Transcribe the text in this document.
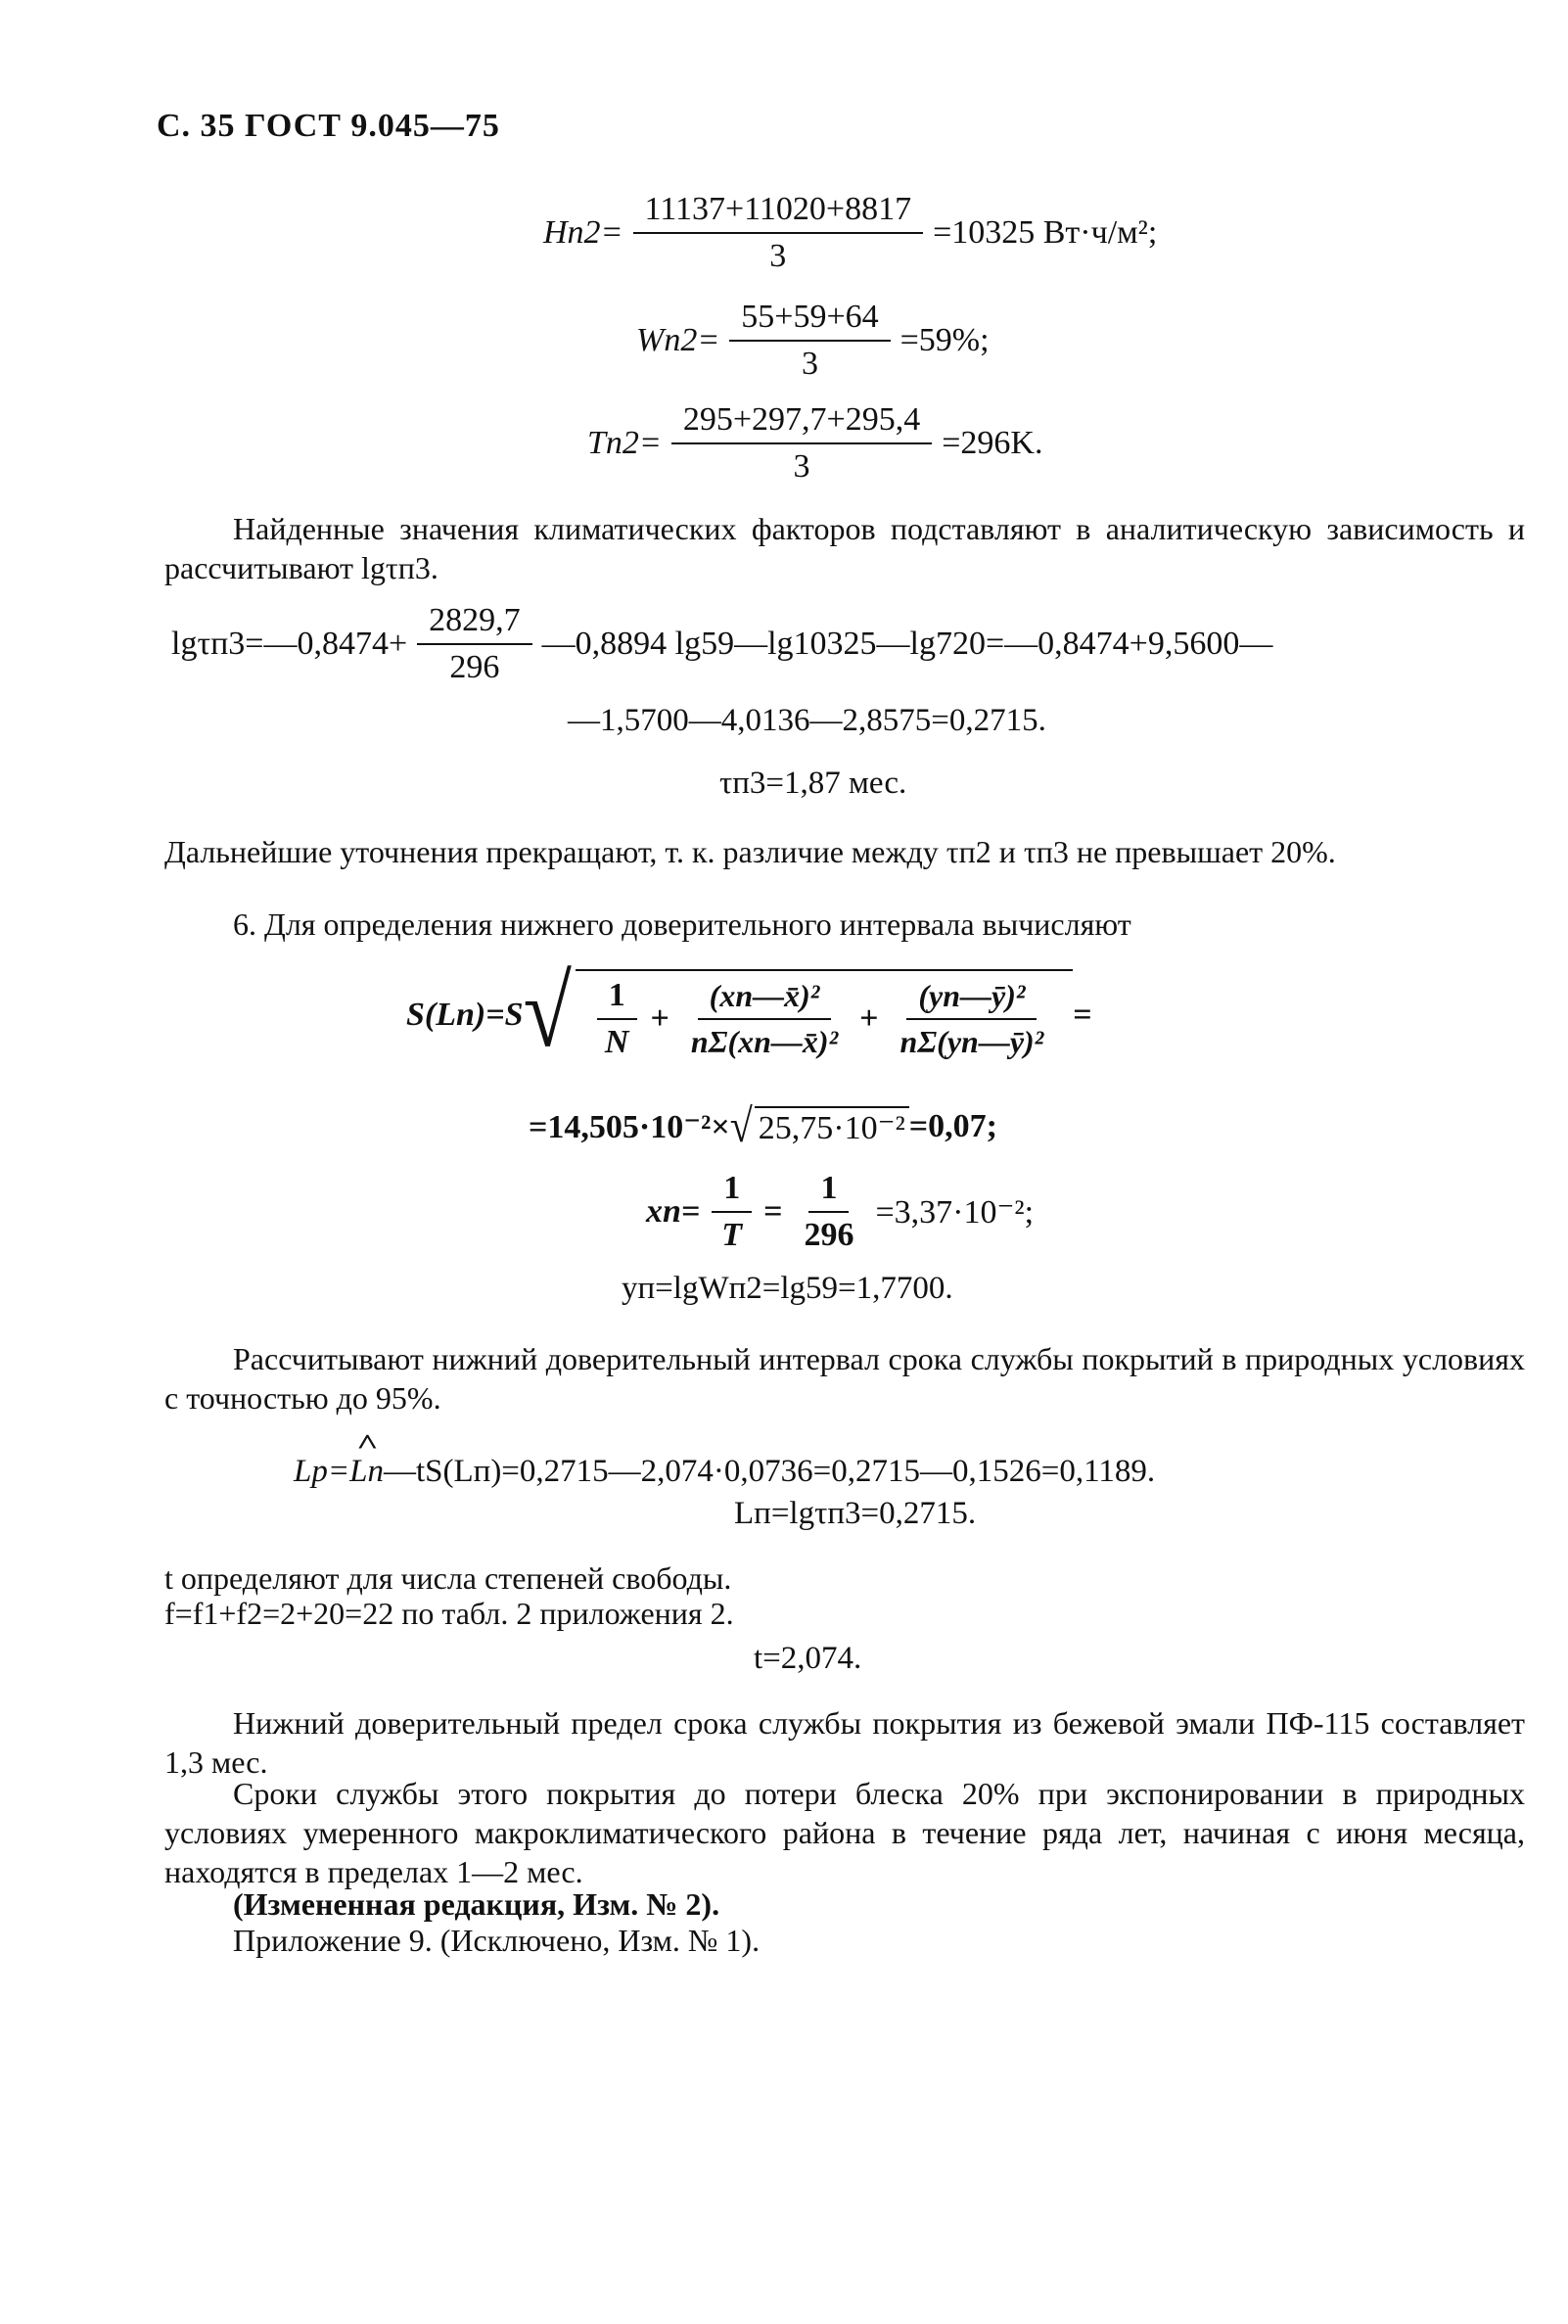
С. 35 ГОСТ 9.045—75
$Hп2= \frac{11137+11020+8817}{3} =10325$ Вт·ч/м²;
$Wп2= \frac{55+59+64}{3} =59\%$;
$Tп2= \frac{295+297,7+295,4}{3} =296K$.
Найденные значения климатических факторов подставляют в аналитическую зависимость и рассчитывают lgτп3.
lgτп3=—0,8474+ $\frac{2829,7}{296}$ —0,8894 lg59—lg10325—lg720=—0,8474+9,5600—
—1,5700—4,0136—2,8575=0,2715.
τп3=1,87 мес.
Дальнейшие уточнения прекращают, т. к. различие между τп2 и τп3 не превышает 20%.
6. Для определения нижнего доверительного интервала вычисляют
S(Lп)=S √ $\frac{1}{N} + \frac{\text{(xп—x̄)²}}{\text{nΣ(xп—x̄)²}} + \frac{\text{(yп—ȳ)²}}{\text{nΣ(yп—ȳ)²}}$ =
=14,505·10⁻²× √ 25,75·10⁻² =0,07;
$xп= \frac{1}{T} = \frac{1}{296} =3,37\cdot 10^{-2}$;
yп=lgWп2=lg59=1,7700.
Рассчитывают нижний доверительный интервал срока службы покрытий в природных условиях с точностью до 95%.
Lp=^ Lп—tS(Lп)=0,2715—2,074·0,0736=0,2715—0,1526=0,1189.
Lп=lgτп3=0,2715.
t определяют для числа степеней свободы.
f=f1+f2=2+20=22 по табл. 2 приложения 2.
t=2,074.
Нижний доверительный предел срока службы покрытия из бежевой эмали ПФ-115 составляет 1,3 мес.
Сроки службы этого покрытия до потери блеска 20% при экспонировании в природных условиях умеренного макроклиматического района в течение ряда лет, начиная с июня месяца, находятся в пределах 1—2 мес.
(Измененная редакция, Изм. № 2).
Приложение 9. (Исключено, Изм. № 1).
